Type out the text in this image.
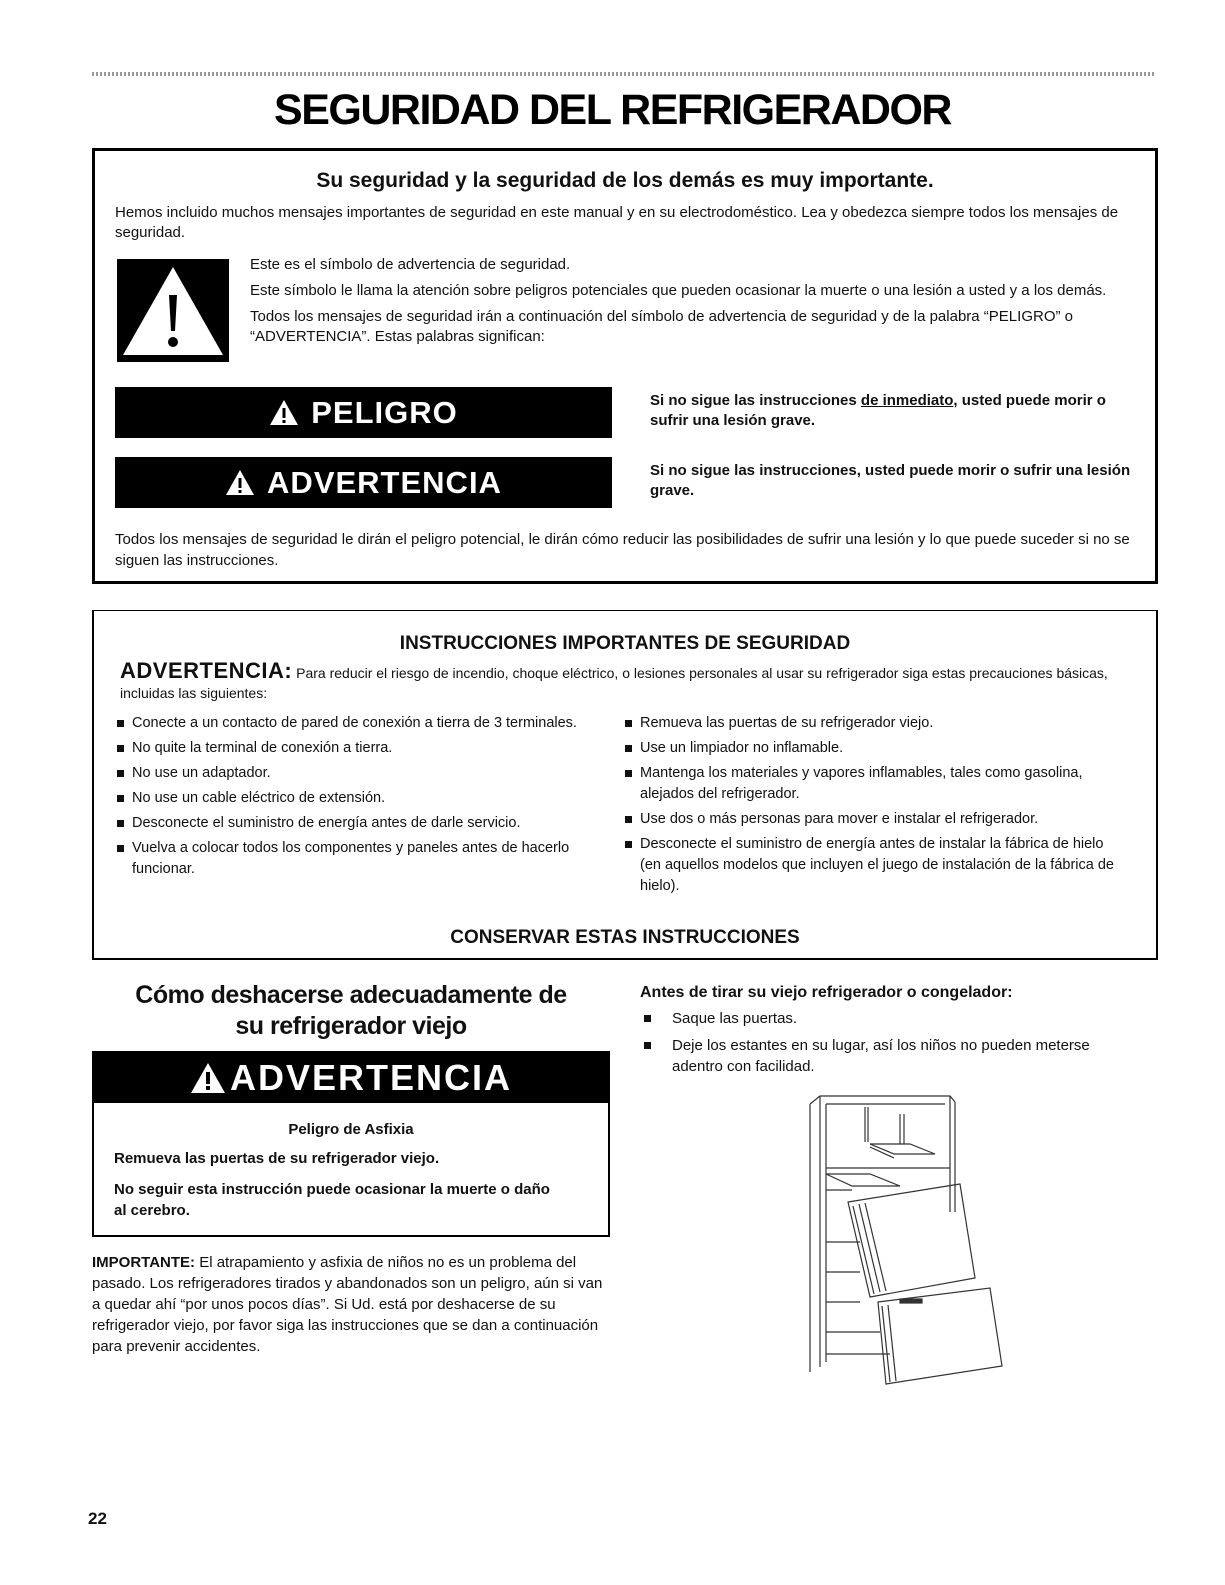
SEGURIDAD DEL REFRIGERADOR
Su seguridad y la seguridad de los demás es muy importante.
Hemos incluido muchos mensajes importantes de seguridad en este manual y en su electrodoméstico. Lea y obedezca siempre todos los mensajes de seguridad.

Este es el símbolo de advertencia de seguridad.

Este símbolo le llama la atención sobre peligros potenciales que pueden ocasionar la muerte o una lesión a usted y a los demás.

Todos los mensajes de seguridad irán a continuación del símbolo de advertencia de seguridad y de la palabra “PELIGRO” o “ADVERTENCIA”. Estas palabras significan:

PELIGRO	Si no sigue las instrucciones de inmediato, usted puede morir o sufrir una lesión grave.
ADVERTENCIA	Si no sigue las instrucciones, usted puede morir o sufrir una lesión grave.
Todos los mensajes de seguridad le dirán el peligro potencial, le dirán cómo reducir las posibilidades de sufrir una lesión y lo que puede suceder si no se siguen las instrucciones.
INSTRUCCIONES IMPORTANTES DE SEGURIDAD
ADVERTENCIA: Para reducir el riesgo de incendio, choque eléctrico, o lesiones personales al usar su refrigerador siga estas precauciones básicas, incluidas las siguientes:
Conecte a un contacto de pared de conexión a tierra de 3 terminales.
No quite la terminal de conexión a tierra.
No use un adaptador.
No use un cable eléctrico de extensión.
Desconecte el suministro de energía antes de darle servicio.
Vuelva a colocar todos los componentes y paneles antes de hacerlo funcionar.
Remueva las puertas de su refrigerador viejo.
Use un limpiador no inflamable.
Mantenga los materiales y vapores inflamables, tales como gasolina, alejados del refrigerador.
Use dos o más personas para mover e instalar el refrigerador.
Desconecte el suministro de energía antes de instalar la fábrica de hielo (en aquellos modelos que incluyen el juego de instalación de la fábrica de hielo).
CONSERVAR ESTAS INSTRUCCIONES
Cómo deshacerse adecuadamente de
su refrigerador viejo
ADVERTENCIA
Peligro de Asfixia
Remueva las puertas de su refrigerador viejo.
No seguir esta instrucción puede ocasionar la muerte o daño al cerebro.

IMPORTANTE: El atrapamiento y asfixia de niños no es un problema del pasado. Los refrigeradores tirados y abandonados son un peligro, aún si van a quedar ahí “por unos pocos días”. Si Ud. está por deshacerse de su refrigerador viejo, por favor siga las instrucciones que se dan a continuación para prevenir accidentes.

Antes de tirar su viejo refrigerador o congelador:
Saque las puertas.
Deje los estantes en su lugar, así los niños no pueden meterse adentro con facilidad.
22
